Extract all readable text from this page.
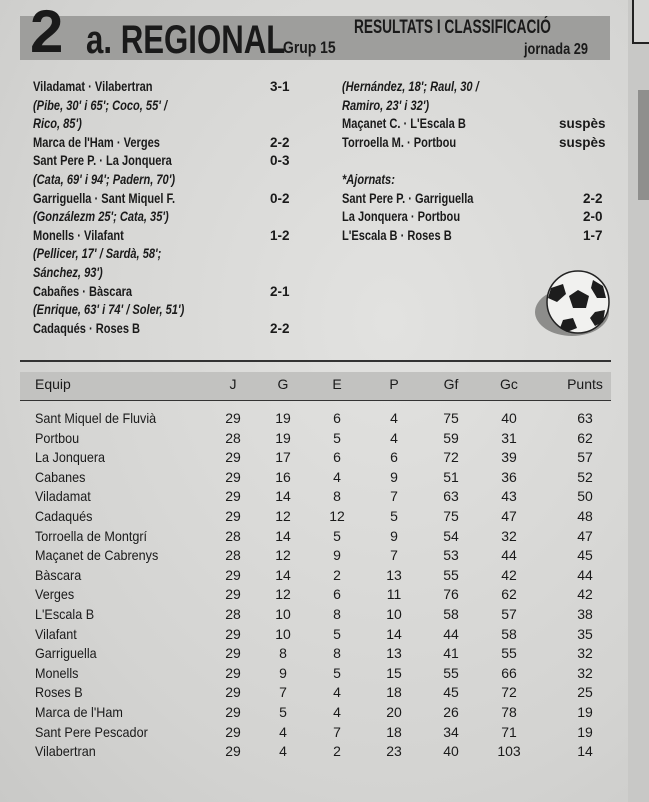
2 a. REGIONAL
Grup 15
RESULTATS I CLASSIFICACIÓ
jornada 29
Viladamat · Vilabertran	3-1
(Pibe, 30' i 65'; Coco, 55' /
Rico, 85')
Marca de l'Ham · Verges	2-2
Sant Pere P. · La Jonquera	0-3
(Cata, 69' i 94'; Padern, 70')
Garriguella · Sant Miquel F.	0-2
(Gonzálezm 25'; Cata, 35')
Monells · Vilafant	1-2
(Pellicer, 17' / Sardà, 58';
Sánchez, 93')
Cabañes · Bàscara	2-1
(Enrique, 63' i 74' / Soler, 51')
Cadaqués · Roses B	2-2
(Hernández, 18'; Raul, 30 /
Ramiro, 23' i 32')
Maçanet C. · L'Escala B	suspès
Torroella M. · Portbou	suspès
*Ajornats:
Sant Pere P. · Garriguella	2-2
La Jonquera · Portbou	2-0
L'Escala B · Roses B	1-7
Equip	J	G	E	P	Gf	Gc	Punts
Sant Miquel de Fluvià	29	19	6	4	75	40	63
Portbou	28	19	5	4	59	31	62
La Jonquera	29	17	6	6	72	39	57
Cabanes	29	16	4	9	51	36	52
Viladamat	29	14	8	7	63	43	50
Cadaqués	29	12	12	5	75	47	48
Torroella de Montgrí	28	14	5	9	54	32	47
Maçanet de Cabrenys	28	12	9	7	53	44	45
Bàscara	29	14	2	13	55	42	44
Verges	29	12	6	11	76	62	42
L'Escala B	28	10	8	10	58	57	38
Vilafant	29	10	5	14	44	58	35
Garriguella	29	8	8	13	41	55	32
Monells	29	9	5	15	55	66	32
Roses B	29	7	4	18	45	72	25
Marca de l'Ham	29	5	4	20	26	78	19
Sant Pere Pescador	29	4	7	18	34	71	19
Vilabertran	29	4	2	23	40	103	14
